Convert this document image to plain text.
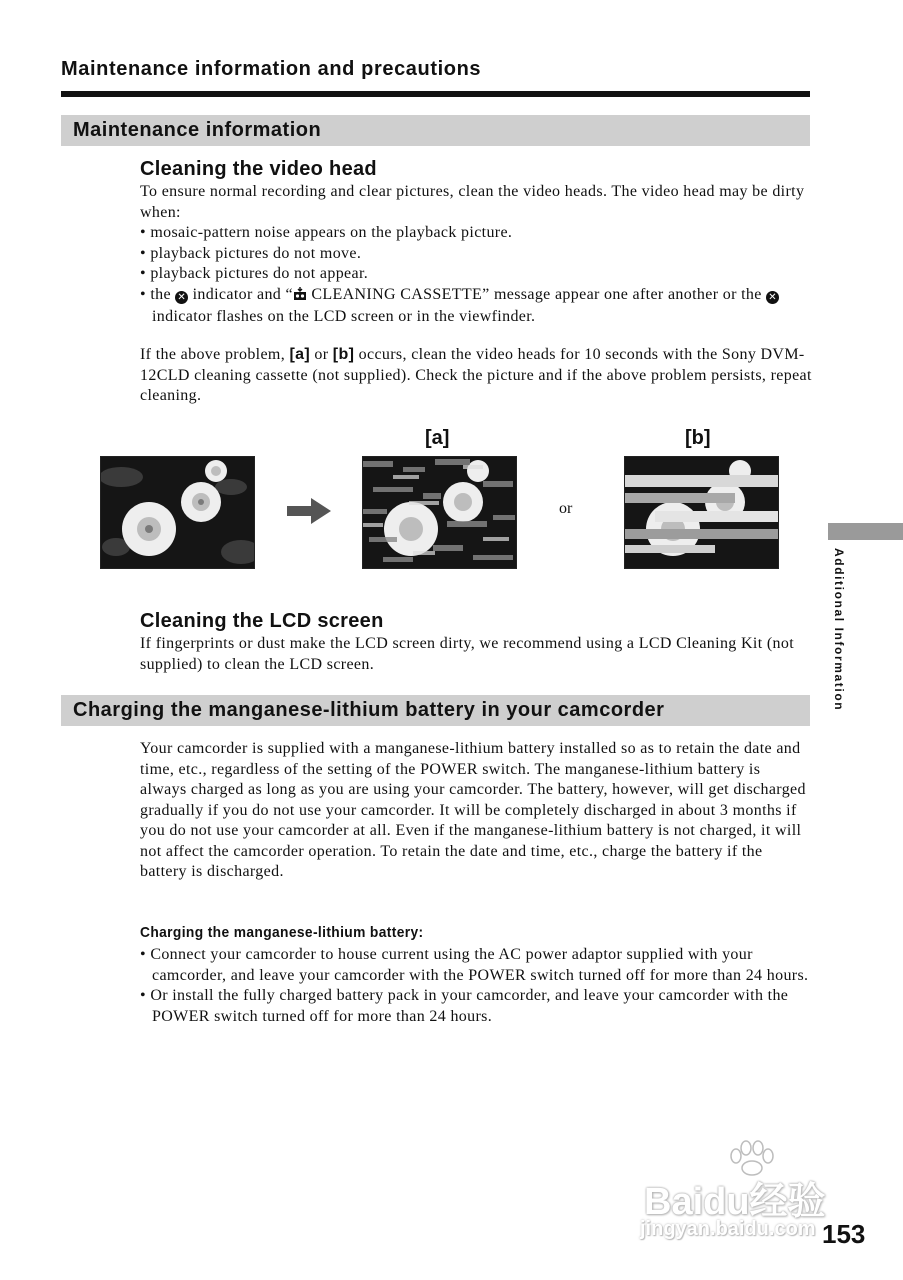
Maintenance information and precautions
Maintenance information
Cleaning the video head

To ensure normal recording and clear pictures, clean the video heads. The video head may be dirty when:

• mosaic-pattern noise appears on the playback picture.
• playback pictures do not move.
• playback pictures do not appear.
• the ✕ indicator and “ CLEANING CASSETTE” message appear one after another or the ✕ indicator flashes on the LCD screen or in the viewfinder.

If the above problem, [a] or [b] occurs, clean the video heads for 10 seconds with the Sony DVM-12CLD cleaning cassette (not supplied). Check the picture and if the above problem persists, repeat cleaning.

[a]	[b]
or
Cleaning the LCD screen
If fingerprints or dust make the LCD screen dirty, we recommend using a LCD Cleaning Kit (not supplied) to clean the LCD screen.
Charging the manganese-lithium battery in your camcorder
Your camcorder is supplied with a manganese-lithium battery installed so as to retain the date and time, etc., regardless of the setting of the POWER switch. The manganese-lithium battery is always charged as long as you are using your camcorder. The battery, however, will get discharged gradually if you do not use your camcorder. It will be completely discharged in about 3 months if you do not use your camcorder at all. Even if the manganese-lithium battery is not charged, it will not affect the camcorder operation. To retain the date and time, etc., charge the battery if the battery is discharged.
Charging the manganese-lithium battery:
• Connect your camcorder to house current using the AC power adaptor supplied with your camcorder, and leave your camcorder with the POWER switch turned off for more than 24 hours.
• Or install the fully charged battery pack in your camcorder, and leave your camcorder with the POWER switch turned off for more than 24 hours.
Additional Information
Baidu经验
jingyan.baidu.com 153
